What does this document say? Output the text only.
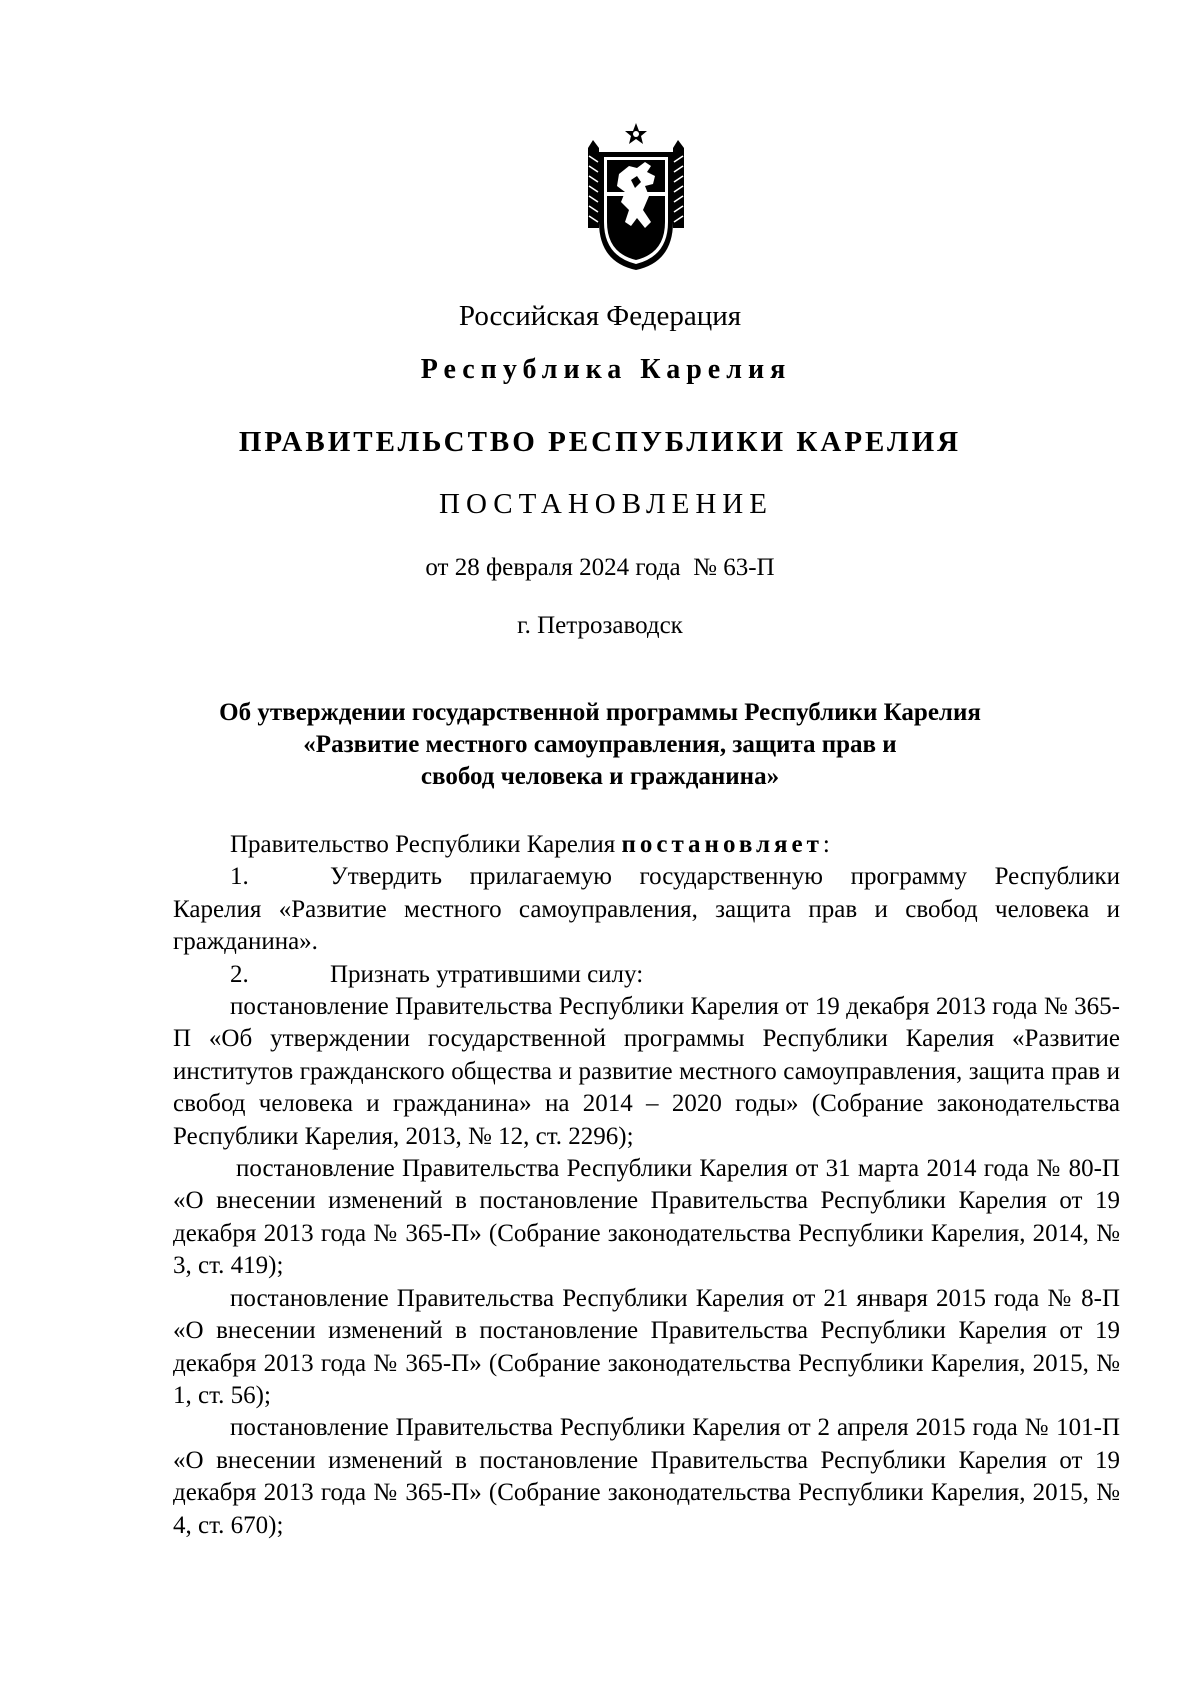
Российская Федерация
Республика Карелия
ПРАВИТЕЛЬСТВО РЕСПУБЛИКИ КАРЕЛИЯ
ПОСТАНОВЛЕНИЕ
от 28 февраля 2024 года  № 63-П
г. Петрозаводск
Об утверждении государственной программы Республики Карелия
«Развитие местного самоуправления, защита прав и
свобод человека и гражданина»

Правительство Республики Карелия постановляет:

1.	Утвердить прилагаемую государственную программу Республики Карелия «Развитие местного самоуправления, защита прав и свобод человека и гражданина».

2.	Признать утратившими силу:

постановление Правительства Республики Карелия от 19 декабря 2013 года № 365-П «Об утверждении государственной программы Республики Карелия «Развитие институтов гражданского общества и развитие местного самоуправления, защита прав и свобод человека и гражданина» на 2014 – 2020 годы» (Собрание законодательства Республики Карелия, 2013, № 12, ст. 2296);

постановление Правительства Республики Карелия от 31 марта 2014 года № 80-П «О внесении изменений в постановление Правительства Республики Карелия от 19 декабря 2013 года № 365-П» (Собрание законодательства Республики Карелия, 2014, № 3, ст. 419);

постановление Правительства Республики Карелия от 21 января 2015 года № 8-П «О внесении изменений в постановление Правительства Республики Карелия от 19 декабря 2013 года № 365-П» (Собрание законодательства Республики Карелия, 2015, № 1, ст. 56);

постановление Правительства Республики Карелия от 2 апреля 2015 года № 101-П «О внесении изменений в постановление Правительства Республики Карелия от 19 декабря 2013 года № 365-П» (Собрание законодательства Республики Карелия, 2015, № 4, ст. 670);
